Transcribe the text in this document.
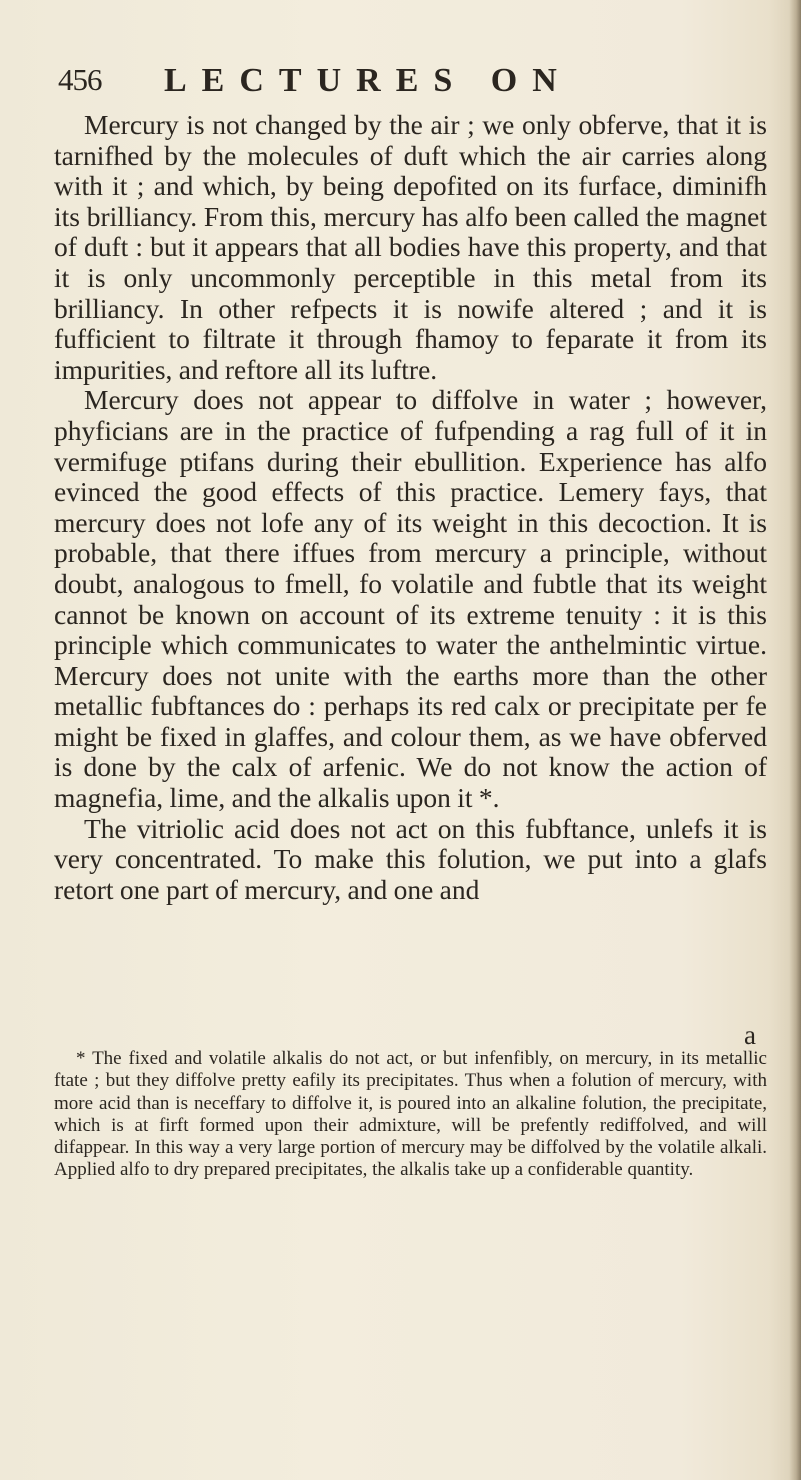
456 LECTURES ON

Mercury is not changed by the air ; we only obferve, that it is tarnifhed by the molecules of duft which the air carries along with it ; and which, by being depofited on its furface, diminifh its brilliancy. From this, mercury has alfo been called the magnet of duft : but it appears that all bodies have this property, and that it is only uncommonly perceptible in this metal from its brilliancy. In other refpects it is nowife altered ; and it is fufficient to filtrate it through fhamoy to feparate it from its impurities, and reftore all its luftre.

Mercury does not appear to diffolve in water ; however, phyficians are in the practice of fufpending a rag full of it in vermifuge ptifans during their ebullition. Experience has alfo evinced the good effects of this practice. Lemery fays, that mercury does not lofe any of its weight in this decoction. It is probable, that there iffues from mercury a principle, without doubt, analogous to fmell, fo volatile and fubtle that its weight cannot be known on account of its extreme tenuity : it is this principle which communicates to water the anthelmintic virtue. Mercury does not unite with the earths more than the other metallic fubftances do : perhaps its red calx or precipitate per fe might be fixed in glaffes, and colour them, as we have obferved is done by the calx of arfenic. We do not know the action of magnefia, lime, and the alkalis upon it *.

The vitriolic acid does not act on this fubftance, unlefs it is very concentrated. To make this folution, we put into a glafs retort one part of mercury, and one and

a

* The fixed and volatile alkalis do not act, or but infenfibly, on mercury, in its metallic ftate ; but they diffolve pretty eafily its precipitates. Thus when a folution of mercury, with more acid than is neceffary to diffolve it, is poured into an alkaline folution, the precipitate, which is at firft formed upon their admixture, will be prefently rediffolved, and will difappear. In this way a very large portion of mercury may be diffolved by the volatile alkali. Applied alfo to dry prepared precipitates, the alkalis take up a confiderable quantity.
